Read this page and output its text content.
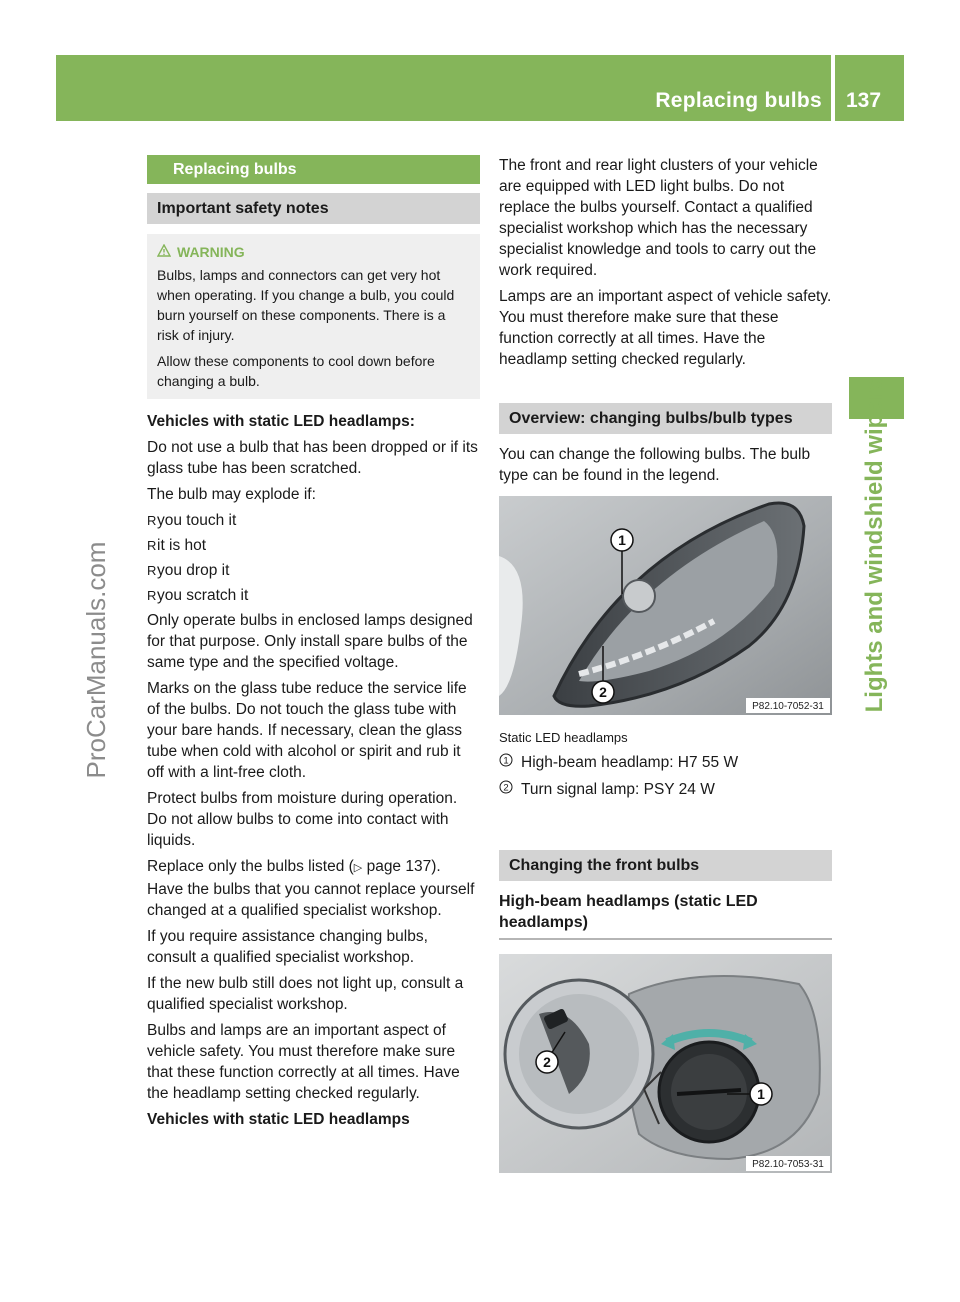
Replacing bulbs 137
Lights and windshield wipers
ProCarManuals.com
Replacing bulbs
Important safety notes
WARNING

Bulbs, lamps and connectors can get very hot when operating. If you change a bulb, you could burn yourself on these components. There is a risk of injury.

Allow these components to cool down before changing a bulb.

Vehicles with static LED headlamps:

Do not use a bulb that has been dropped or if its glass tube has been scratched.

The bulb may explode if:

R you touch it
R it is hot
R you drop it
R you scratch it

Only operate bulbs in enclosed lamps designed for that purpose. Only install spare bulbs of the same type and the specified voltage.

Marks on the glass tube reduce the service life of the bulbs. Do not touch the glass tube with your bare hands. If necessary, clean the glass tube when cold with alcohol or spirit and rub it off with a lint-free cloth.

Protect bulbs from moisture during operation. Do not allow bulbs to come into contact with liquids.

Replace only the bulbs listed (▷ page 137). Have the bulbs that you cannot replace yourself changed at a qualified specialist workshop.

If you require assistance changing bulbs, consult a qualified specialist workshop.

If the new bulb still does not light up, consult a qualified specialist workshop.

Bulbs and lamps are an important aspect of vehicle safety. You must therefore make sure that these function correctly at all times. Have the headlamp setting checked regularly.

Vehicles with static LED headlamps

The front and rear light clusters of your vehicle are equipped with LED light bulbs. Do not replace the bulbs yourself. Contact a qualified specialist workshop which has the necessary specialist knowledge and tools to carry out the work required.

Lamps are an important aspect of vehicle safety. You must therefore make sure that these function correctly at all times. Have the headlamp setting checked regularly.

Overview: changing bulbs/bulb types

You can change the following bulbs. The bulb type can be found in the legend.

1
2
P82.10-7052-31
Static LED headlamps
1 High-beam headlamp: H7 55 W
2 Turn signal lamp: PSY 24 W
Changing the front bulbs
High-beam headlamps (static LED headlamps)
1
2
P82.10-7053-31
